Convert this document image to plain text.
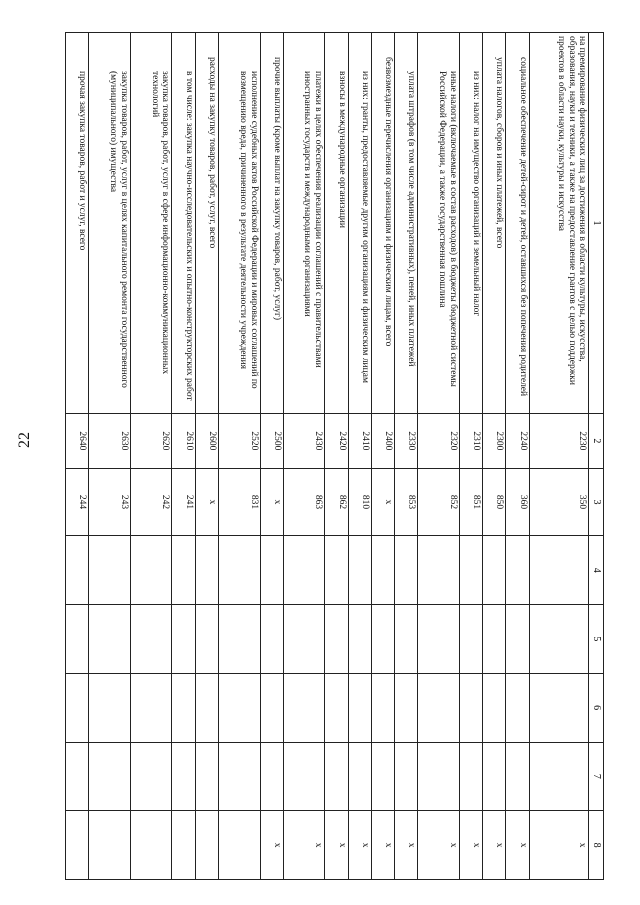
22
1	2	3	4	5	6	7	8
на премирование физических лиц за достижения в области культуры, искусства, образования, науки и техники, а также на предоставление грантов с целью поддержки проектов в области науки, культуры и искусства	2230	350					x
социальное обеспечение детей-сирот и детей, оставшихся без попечения родителей	2240	360					x
уплата налогов, сборов и иных платежей, всего	2300	850					x
из них: налог на имущество организаций и земельный налог	2310	851					x
иные налоги (включаемые в состав расходов) в бюджеты бюджетной системы Российской Федерации, а также государственная пошлина	2320	852					x
уплата штрафов (в том числе административных), пеней, иных платежей	2330	853					x
безвозмездные перечисления организациям и физическим лицам, всего	2400	x					x
из них: гранты, предоставляемые другим организациям и физическим лицам	2410	810					x
взносы в международные организации	2420	862					x
платежи в целях обеспечения реализации соглашений с правительствами иностранных государств и международными организациями	2430	863					x
прочие выплаты (кроме выплат на закупку товаров, работ, услуг)	2500	x					x
исполнение судебных актов Российской Федерации и мировых соглашений по возмещению вреда, причиненного в результате деятельности учреждения	2520	831					
расходы на закупку товаров, работ, услуг, всего	2600	x					
в том числе: закупка научно-исследовательских и опытно-конструкторских работ	2610	241					
закупка товаров, работ, услуг в сфере информационно-коммуникационных технологий	2620	242					
закупка товаров, работ, услуг в целях капитального ремонта государственного (муниципального) имущества	2630	243					
прочая закупка товаров, работ и услуг, всего	2640	244					
